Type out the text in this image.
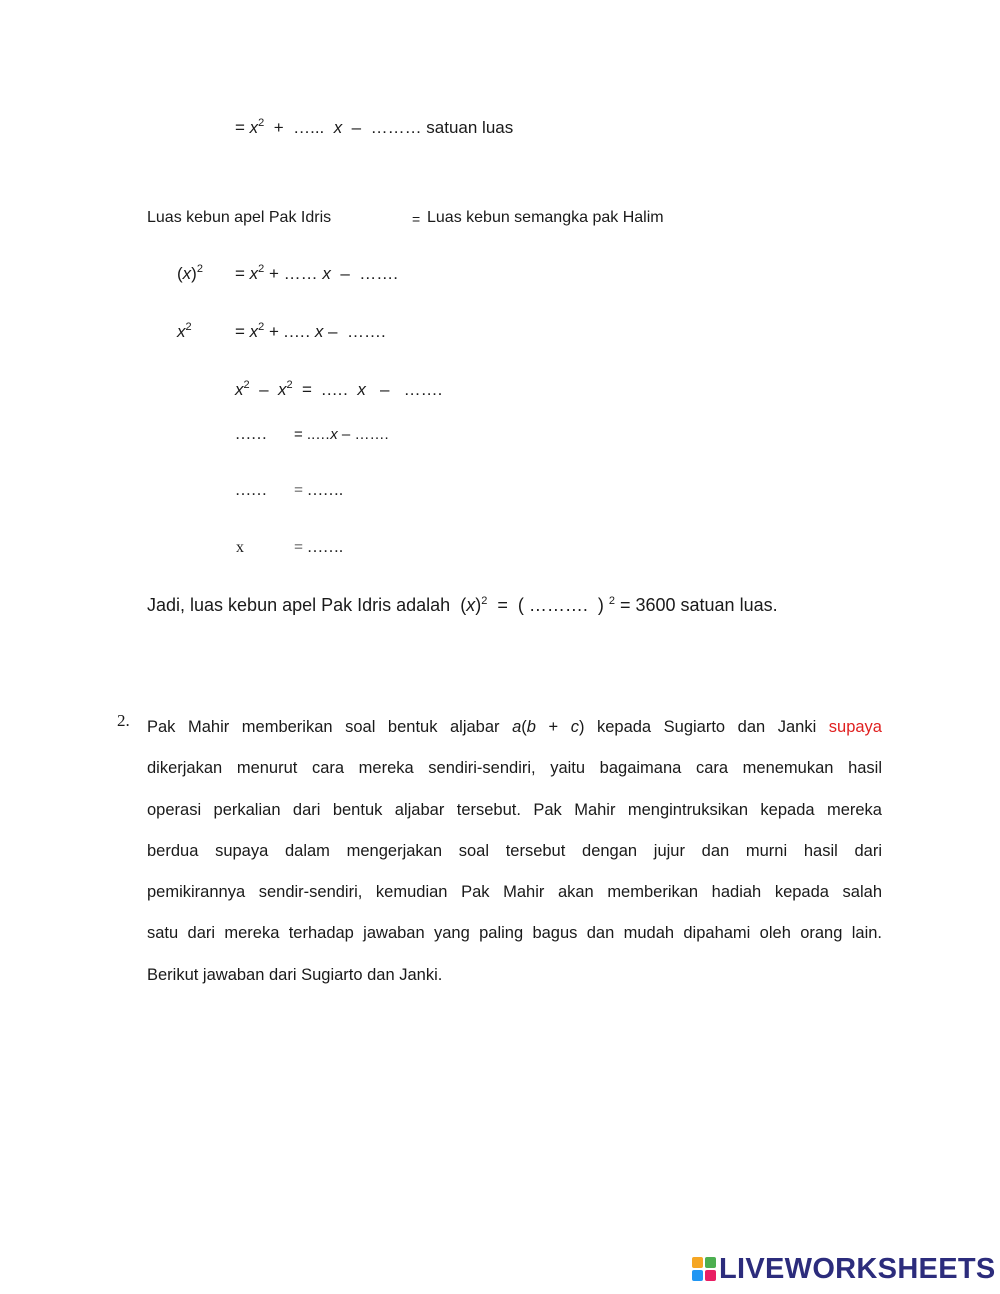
= $x^2$  +  …...  x  –  ……… satuan luas
Luas kebun apel Pak Idris	= Luas kebun semangka pak Halim
$(x)^2 = x^2$ + …… x  –  …….
$x^2$	= $x^2$ + .…. x –  …….
$x^2 - x^2$  =  .….  x   –   …….
…… = ..…x – …….
…… = …….
x	= …….
Jadi, luas kebun apel Pak Idris adalah  $(x)^2$  =  ( ……….  ) $^2$ = 3600 satuan luas.
2. Pak Mahir memberikan soal bentuk aljabar a(b + c) kepada Sugiarto dan Janki supaya
dikerjakan menurut cara mereka sendiri-sendiri, yaitu bagaimana cara menemukan hasil
operasi perkalian dari bentuk aljabar tersebut. Pak Mahir mengintruksikan kepada mereka
berdua supaya dalam mengerjakan soal tersebut dengan jujur dan murni hasil dari
pemikirannya sendir-sendiri, kemudian Pak Mahir akan memberikan hadiah kepada salah
satu dari mereka terhadap jawaban yang paling bagus dan mudah dipahami oleh orang lain.
Berikut jawaban dari Sugiarto dan Janki.
LIVEWORKSHEETS
